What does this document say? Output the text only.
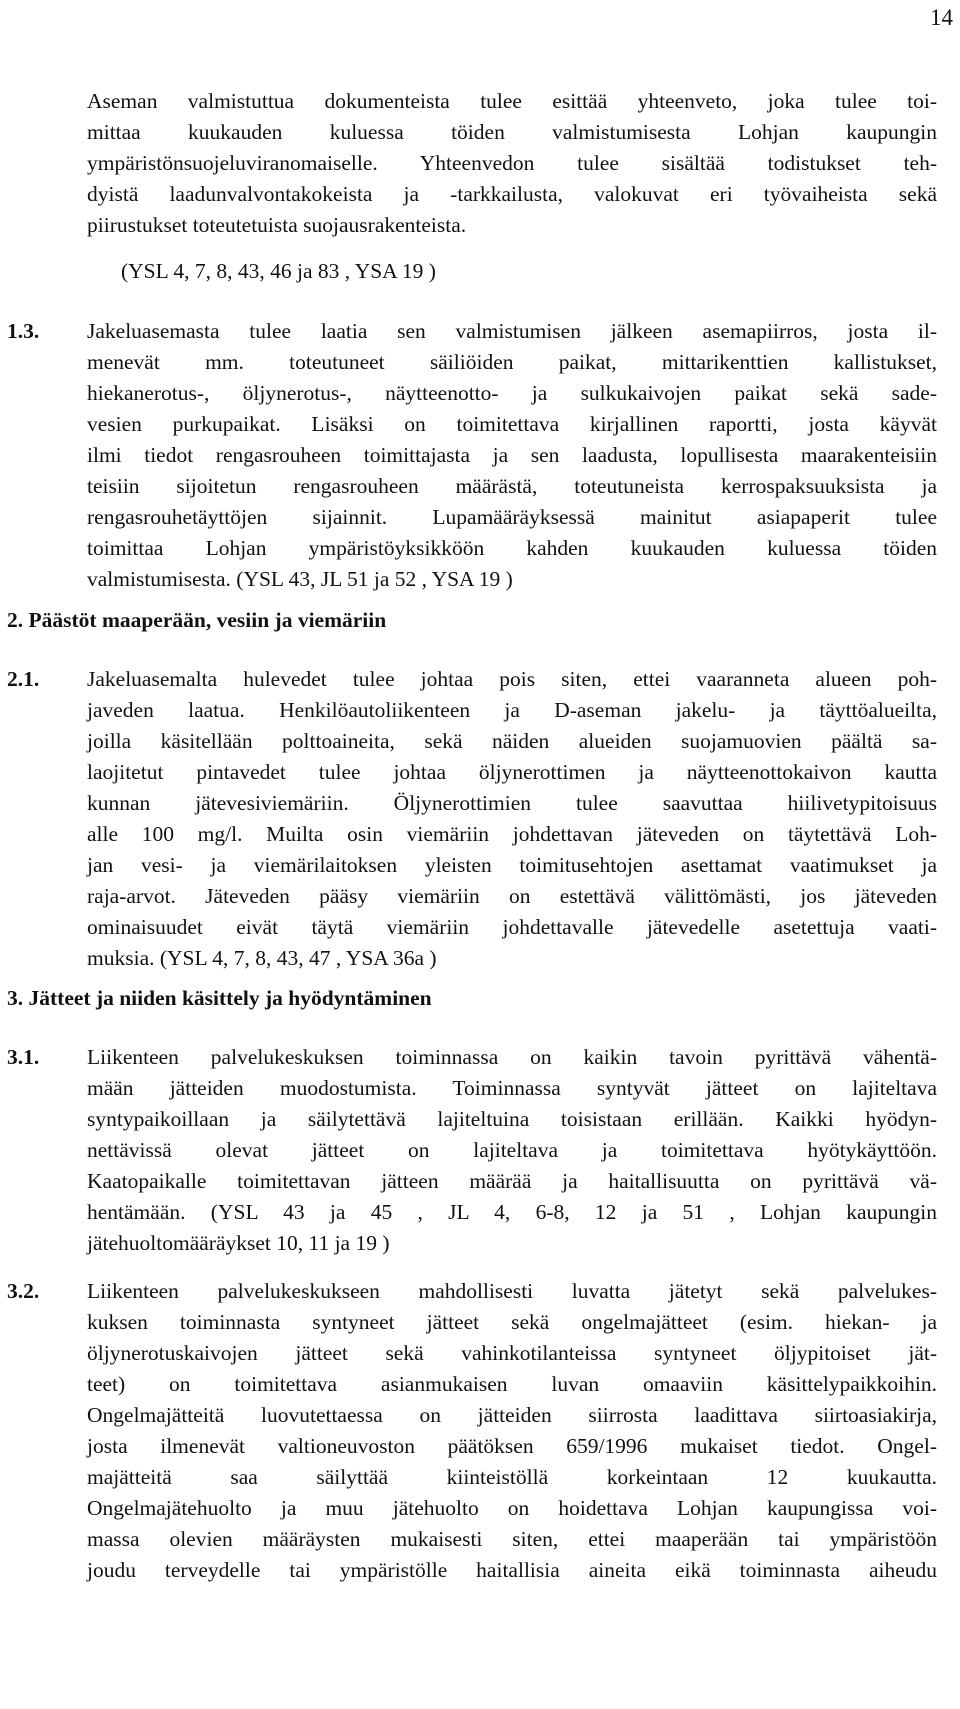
14
Aseman valmistuttua dokumenteista tulee esittää yhteenveto, joka tulee toi-
mittaa kuukauden kuluessa töiden valmistumisesta Lohjan kaupungin
ympäristönsuojeluviranomaiselle. Yhteenvedon tulee sisältää todistukset teh-
dyistä laadunvalvontakokeista ja -tarkkailusta, valokuvat eri työvaiheista sekä
piirustukset toteutetuista suojausrakenteista.
(YSL 4, 7, 8, 43, 46 ja 83 , YSA 19 )
1.3.	Jakeluasemasta tulee laatia sen valmistumisen jälkeen asemapiirros, josta il-
menevät mm. toteutuneet säiliöiden paikat, mittarikenttien kallistukset,
hiekanerotus-, öljynerotus-, näytteenotto- ja sulkukaivojen paikat sekä sade-
vesien purkupaikat. Lisäksi on toimitettava kirjallinen raportti, josta käyvät
ilmi tiedot rengasrouheen toimittajasta ja sen laadusta, lopullisesta maarakenteisiin
teisiin sijoitetun rengasrouheen määrästä, toteutuneista kerrospaksuuksista ja
rengasrouhetäyttöjen sijainnit. Lupamääräyksessä mainitut asiapaperit tulee
toimittaa Lohjan ympäristöyksikköön kahden kuukauden kuluessa töiden
valmistumisesta. (YSL 43, JL 51 ja 52 , YSA 19 )
2. Päästöt maaperään, vesiin ja viemäriin
2.1.	Jakeluasemalta hulevedet tulee johtaa pois siten, ettei vaaranneta alueen poh-
javeden laatua. Henkilöautoliikenteen ja D-aseman jakelu- ja täyttöalueilta,
joilla käsitellään polttoaineita, sekä näiden alueiden suojamuovien päältä sa-
laojitetut pintavedet tulee johtaa öljynerottimen ja näytteenottokaivon kautta
kunnan jätevesiviemäriin. Öljynerottimien tulee saavuttaa hiilivetypitoisuus
alle 100 mg/l. Muilta osin viemäriin johdettavan jäteveden on täytettävä Loh-
jan vesi- ja viemärilaitoksen yleisten toimitusehtojen asettamat vaatimukset ja
raja-arvot. Jäteveden pääsy viemäriin on estettävä välittömästi, jos jäteveden
ominaisuudet eivät täytä viemäriin johdettavalle jätevedelle asetettuja vaati-
muksia. (YSL 4, 7, 8, 43, 47 , YSA 36a )
3. Jätteet ja niiden käsittely ja hyödyntäminen
3.1.	Liikenteen palvelukeskuksen toiminnassa on kaikin tavoin pyrittävä vähentä-
mään jätteiden muodostumista. Toiminnassa syntyvät jätteet on lajiteltava
syntypaikoillaan ja säilytettävä lajiteltuina toisistaan erillään. Kaikki hyödyn-
nettävissä olevat jätteet on lajiteltava ja toimitettava hyötykäyttöön.
Kaatopaikalle toimitettavan jätteen määrää ja haitallisuutta on pyrittävä vä-
hentämään. (YSL 43 ja 45 , JL 4, 6-8, 12 ja 51 , Lohjan kaupungin
jätehuoltomääräykset 10, 11 ja 19 )
3.2.	Liikenteen palvelukeskukseen mahdollisesti luvatta jätetyt sekä palvelukes-
kuksen toiminnasta syntyneet jätteet sekä ongelmajätteet (esim. hiekan- ja
öljynerotuskaivojen jätteet sekä vahinkotilanteissa syntyneet öljypitoiset jät-
teet) on toimitettava asianmukaisen luvan omaaviin käsittelypaikkoihin.
Ongelmajätteitä luovutettaessa on jätteiden siirrosta laadittava siirtoasiakirja,
josta ilmenevät valtioneuvoston päätöksen 659/1996 mukaiset tiedot. Ongel-
majätteitä saa säilyttää kiinteistöllä korkeintaan 12 kuukautta.
Ongelmajätehuolto ja muu jätehuolto on hoidettava Lohjan kaupungissa voi-
massa olevien määräysten mukaisesti siten, ettei maaperään tai ympäristöön
joudu terveydelle tai ympäristölle haitallisia aineita eikä toiminnasta aiheudu
